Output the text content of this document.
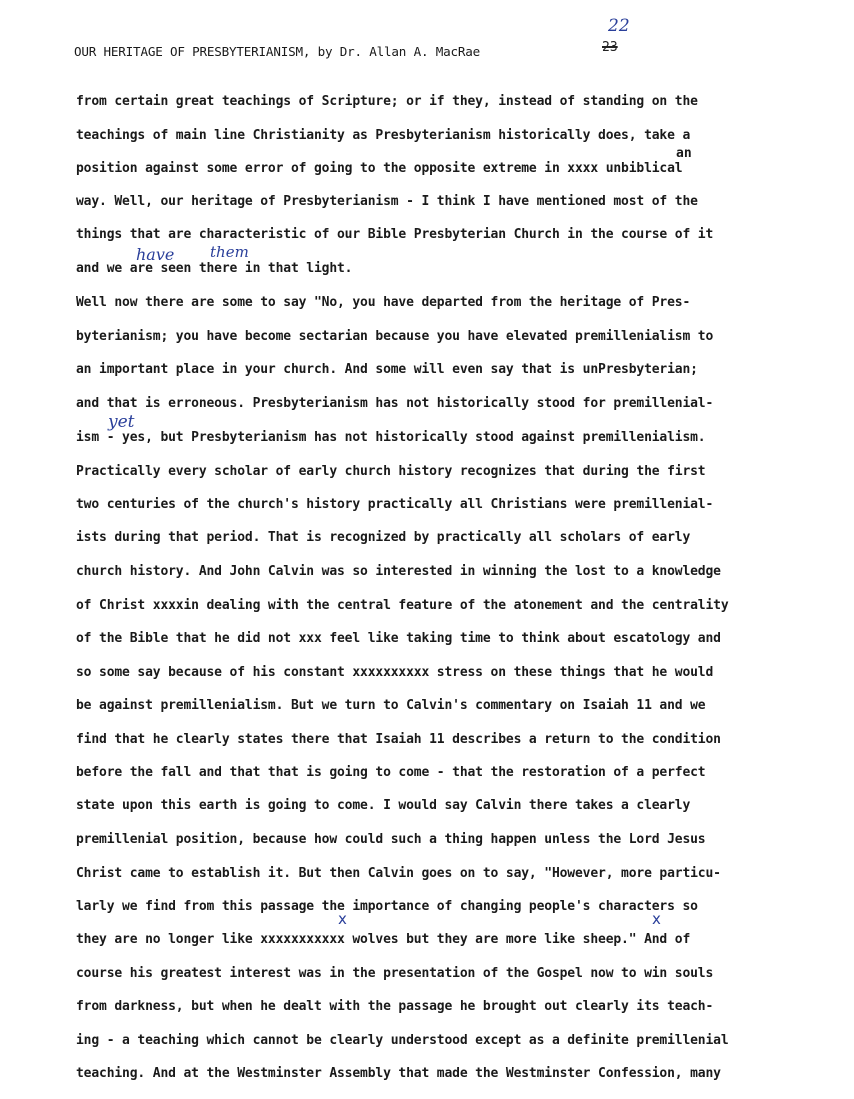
OUR HERITAGE OF PRESBYTERIANISM, by Dr. Allan A. MacRae	23
22
an
have them
yet
x	x
from certain great teachings of Scripture; or if they, instead of standing on the
teachings of main line Christianity as Presbyterianism historically does, take a
position against some error of going to the opposite extreme in xxxx unbiblical
way. Well, our heritage of Presbyterianism - I think I have mentioned most of the
things that are characteristic of our Bible Presbyterian Church in the course of it
and we are seen there in that light.
Well now there are some to say "No, you have departed from the heritage of Pres-
byterianism; you have become sectarian because you have elevated premillenialism to
an important place in your church. And some will even say that is unPresbyterian;
and that is erroneous. Presbyterianism has not historically stood for premillenial-
ism - yes, but Presbyterianism has not historically stood against premillenialism.
Practically every scholar of early church history recognizes that during the first
two centuries of the church's history practically all Christians were premillenial-
ists during that period. That is recognized by practically all scholars of early
church history. And John Calvin was so interested in winning the lost to a knowledge
of Christ xxxxin dealing with the central feature of the atonement and the centrality
of the Bible that he did not xxx feel like taking time to think about escatology and
so some say because of his constant xxxxxxxxxx stress on these things that he would
be against premillenialism. But we turn to Calvin's commentary on Isaiah 11 and we
find that he clearly states there that Isaiah 11 describes a return to the condition
before the fall and that that is going to come - that the restoration of a perfect
state upon this earth is going to come. I would say Calvin there takes a clearly
premillenial position, because how could such a thing happen unless the Lord Jesus
Christ came to establish it. But then Calvin goes on to say, "However, more particu-
larly we find from this passage the importance of changing people's characters so
they are no longer like xxxxxxxxxxx wolves but they are more like sheep." And of
course his greatest interest was in the presentation of the Gospel now to win souls
from darkness, but when he dealt with the passage he brought out clearly its teach-
ing - a teaching which cannot be clearly understood except as a definite premillenial
teaching. And at the Westminster Assembly that made the Westminster Confession, many
